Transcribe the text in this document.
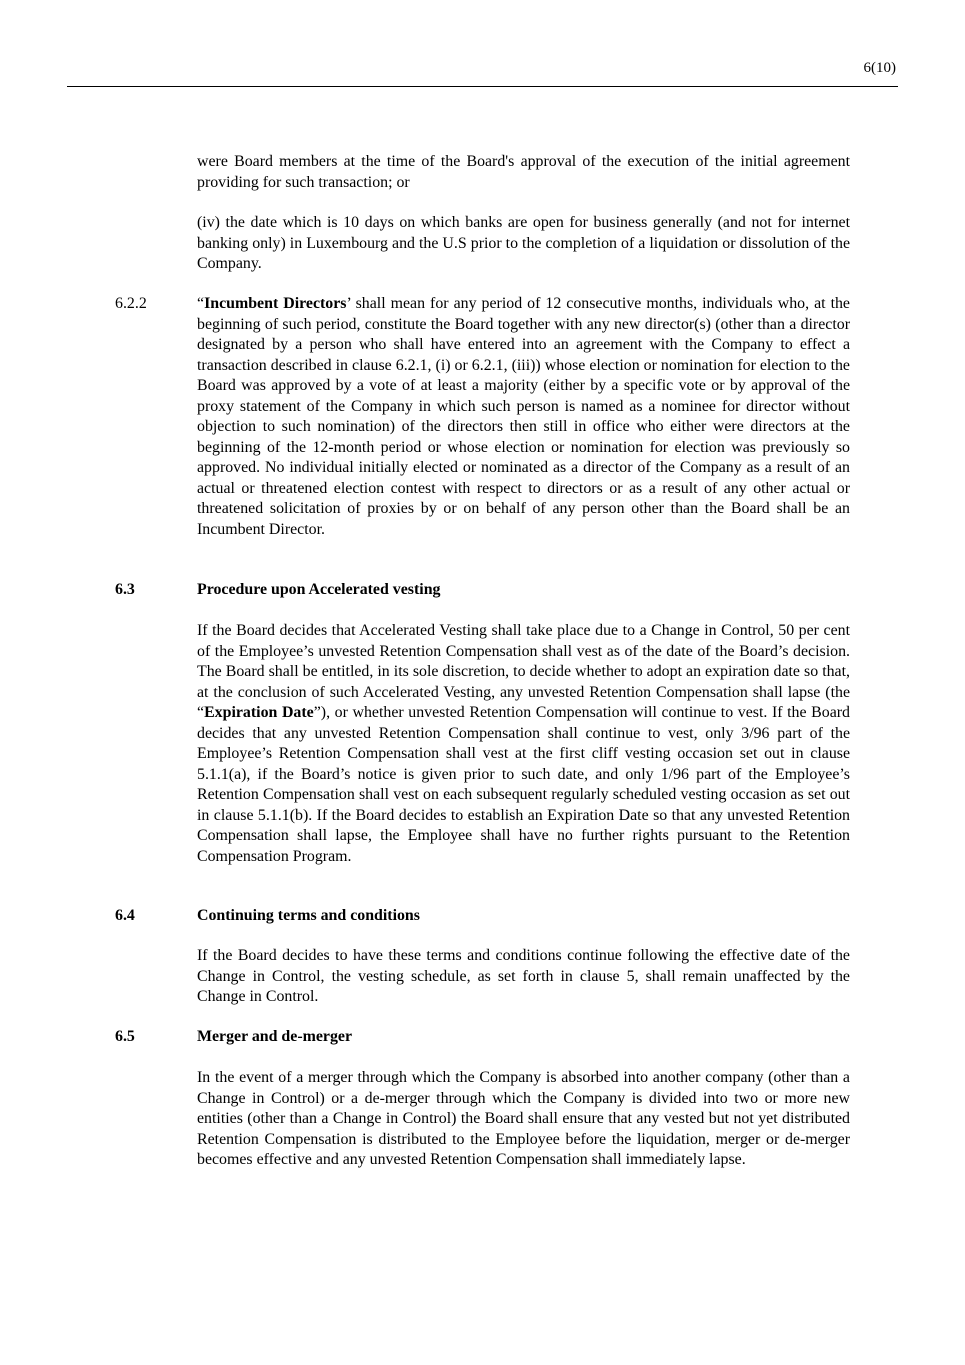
6(10)

were Board members at the time of the Board's approval of the execution of the initial agreement providing for such transaction; or

(iv) the date which is 10 days on which banks are open for business generally (and not for internet banking only) in Luxembourg and the U.S prior to the completion of a liquidation or dissolution of the Company.

6.2.2	“Incumbent Directors’ shall mean for any period of 12 consecutive months, individuals who, at the beginning of such period, constitute the Board together with any new director(s) (other than a director designated by a person who shall have entered into an agreement with the Company to effect a transaction described in clause 6.2.1, (i) or 6.2.1, (iii)) whose election or nomination for election to the Board was approved by a vote of at least a majority (either by a specific vote or by approval of the proxy statement of the Company in which such person is named as a nominee for director without objection to such nomination) of the directors then still in office who either were directors at the beginning of the 12-month period or whose election or nomination for election was previously so approved. No individual initially elected or nominated as a director of the Company as a result of an actual or threatened election contest with respect to directors or as a result of any other actual or threatened solicitation of proxies by or on behalf of any person other than the Board shall be an Incumbent Director.

6.3	Procedure upon Accelerated vesting

If the Board decides that Accelerated Vesting shall take place due to a Change in Control, 50 per cent of the Employee’s unvested Retention Compensation shall vest as of the date of the Board’s decision. The Board shall be entitled, in its sole discretion, to decide whether to adopt an expiration date so that, at the conclusion of such Accelerated Vesting, any unvested Retention Compensation shall lapse (the “Expiration Date”), or whether unvested Retention Compensation will continue to vest. If the Board decides that any unvested Retention Compensation shall continue to vest, only 3/96 part of the Employee’s Retention Compensation shall vest at the first cliff vesting occasion set out in clause 5.1.1(a), if the Board’s notice is given prior to such date, and only 1/96 part of the Employee’s Retention Compensation shall vest on each subsequent regularly scheduled vesting occasion as set out in clause 5.1.1(b). If the Board decides to establish an Expiration Date so that any unvested Retention Compensation shall lapse, the Employee shall have no further rights pursuant to the Retention Compensation Program.

6.4	Continuing terms and conditions

If the Board decides to have these terms and conditions continue following the effective date of the Change in Control, the vesting schedule, as set forth in clause 5, shall remain unaffected by the Change in Control.

6.5	Merger and de-merger

In the event of a merger through which the Company is absorbed into another company (other than a Change in Control) or a de-merger through which the Company is divided into two or more new entities (other than a Change in Control) the Board shall ensure that any vested but not yet distributed Retention Compensation is distributed to the Employee before the liquidation, merger or de-merger becomes effective and any unvested Retention Compensation shall immediately lapse.
